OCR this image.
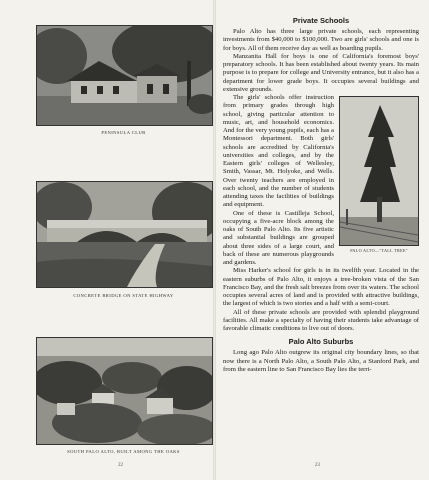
PENINSULA CLUB
CONCRETE BRIDGE ON STATE HIGHWAY
SOUTH PALO ALTO, BUILT AMONG THE OAKS
22
Private Schools

Palo Alto has three large private schools, each representing investments from $40,000 to $100,000. Two are girls' schools and one is for boys. All of them receive day as well as boarding pupils.

Manzanita Hall for boys is one of California's foremost boys' preparatory schools. It has been established about twenty years. Its main purpose is to prepare for college and University entrance, but it also has a department for lower grade boys. It occupies several buildings and extensive grounds.

PALO ALTO—"TALL TREE"

The girls' schools offer instruction from primary grades through high school, giving particular attention to music, art, and household economics. And for the very young pupils, each has a Montessori department. Both girls' schools are accredited by California's universities and colleges, and by the Eastern girls' colleges of Wellesley, Smith, Vassar, Mt. Holyoke, and Wells. Over twenty teachers are employed in each school, and the number of students attending taxes the facilities of buildings and equipment.

One of these is Castilleja School, occupying a five-acre block among the oaks of South Palo Alto. Its five artistic and substantial buildings are grouped about three sides of a large court, and back of these are numerous playgrounds and gardens.

Miss Harker's school for girls is in its twelfth year. Located in the eastern suburbs of Palo Alto, it enjoys a tree-broken vista of the San Francisco Bay, and the fresh salt breezes from over its waters. The school occupies several acres of land and is provided with attractive buildings, the largest of which is two stories and a half with a semi-court.

All of these private schools are provided with splendid playground facilities. All make a specialty of having their students take advantage of favorable climatic conditions to live out of doors.

Palo Alto Suburbs

Long ago Palo Alto outgrew its original city boundary lines, so that now there is a North Palo Alto, a South Palo Alto, a Stanford Park, and from the eastern line to San Francisco Bay lies the terri-

23
